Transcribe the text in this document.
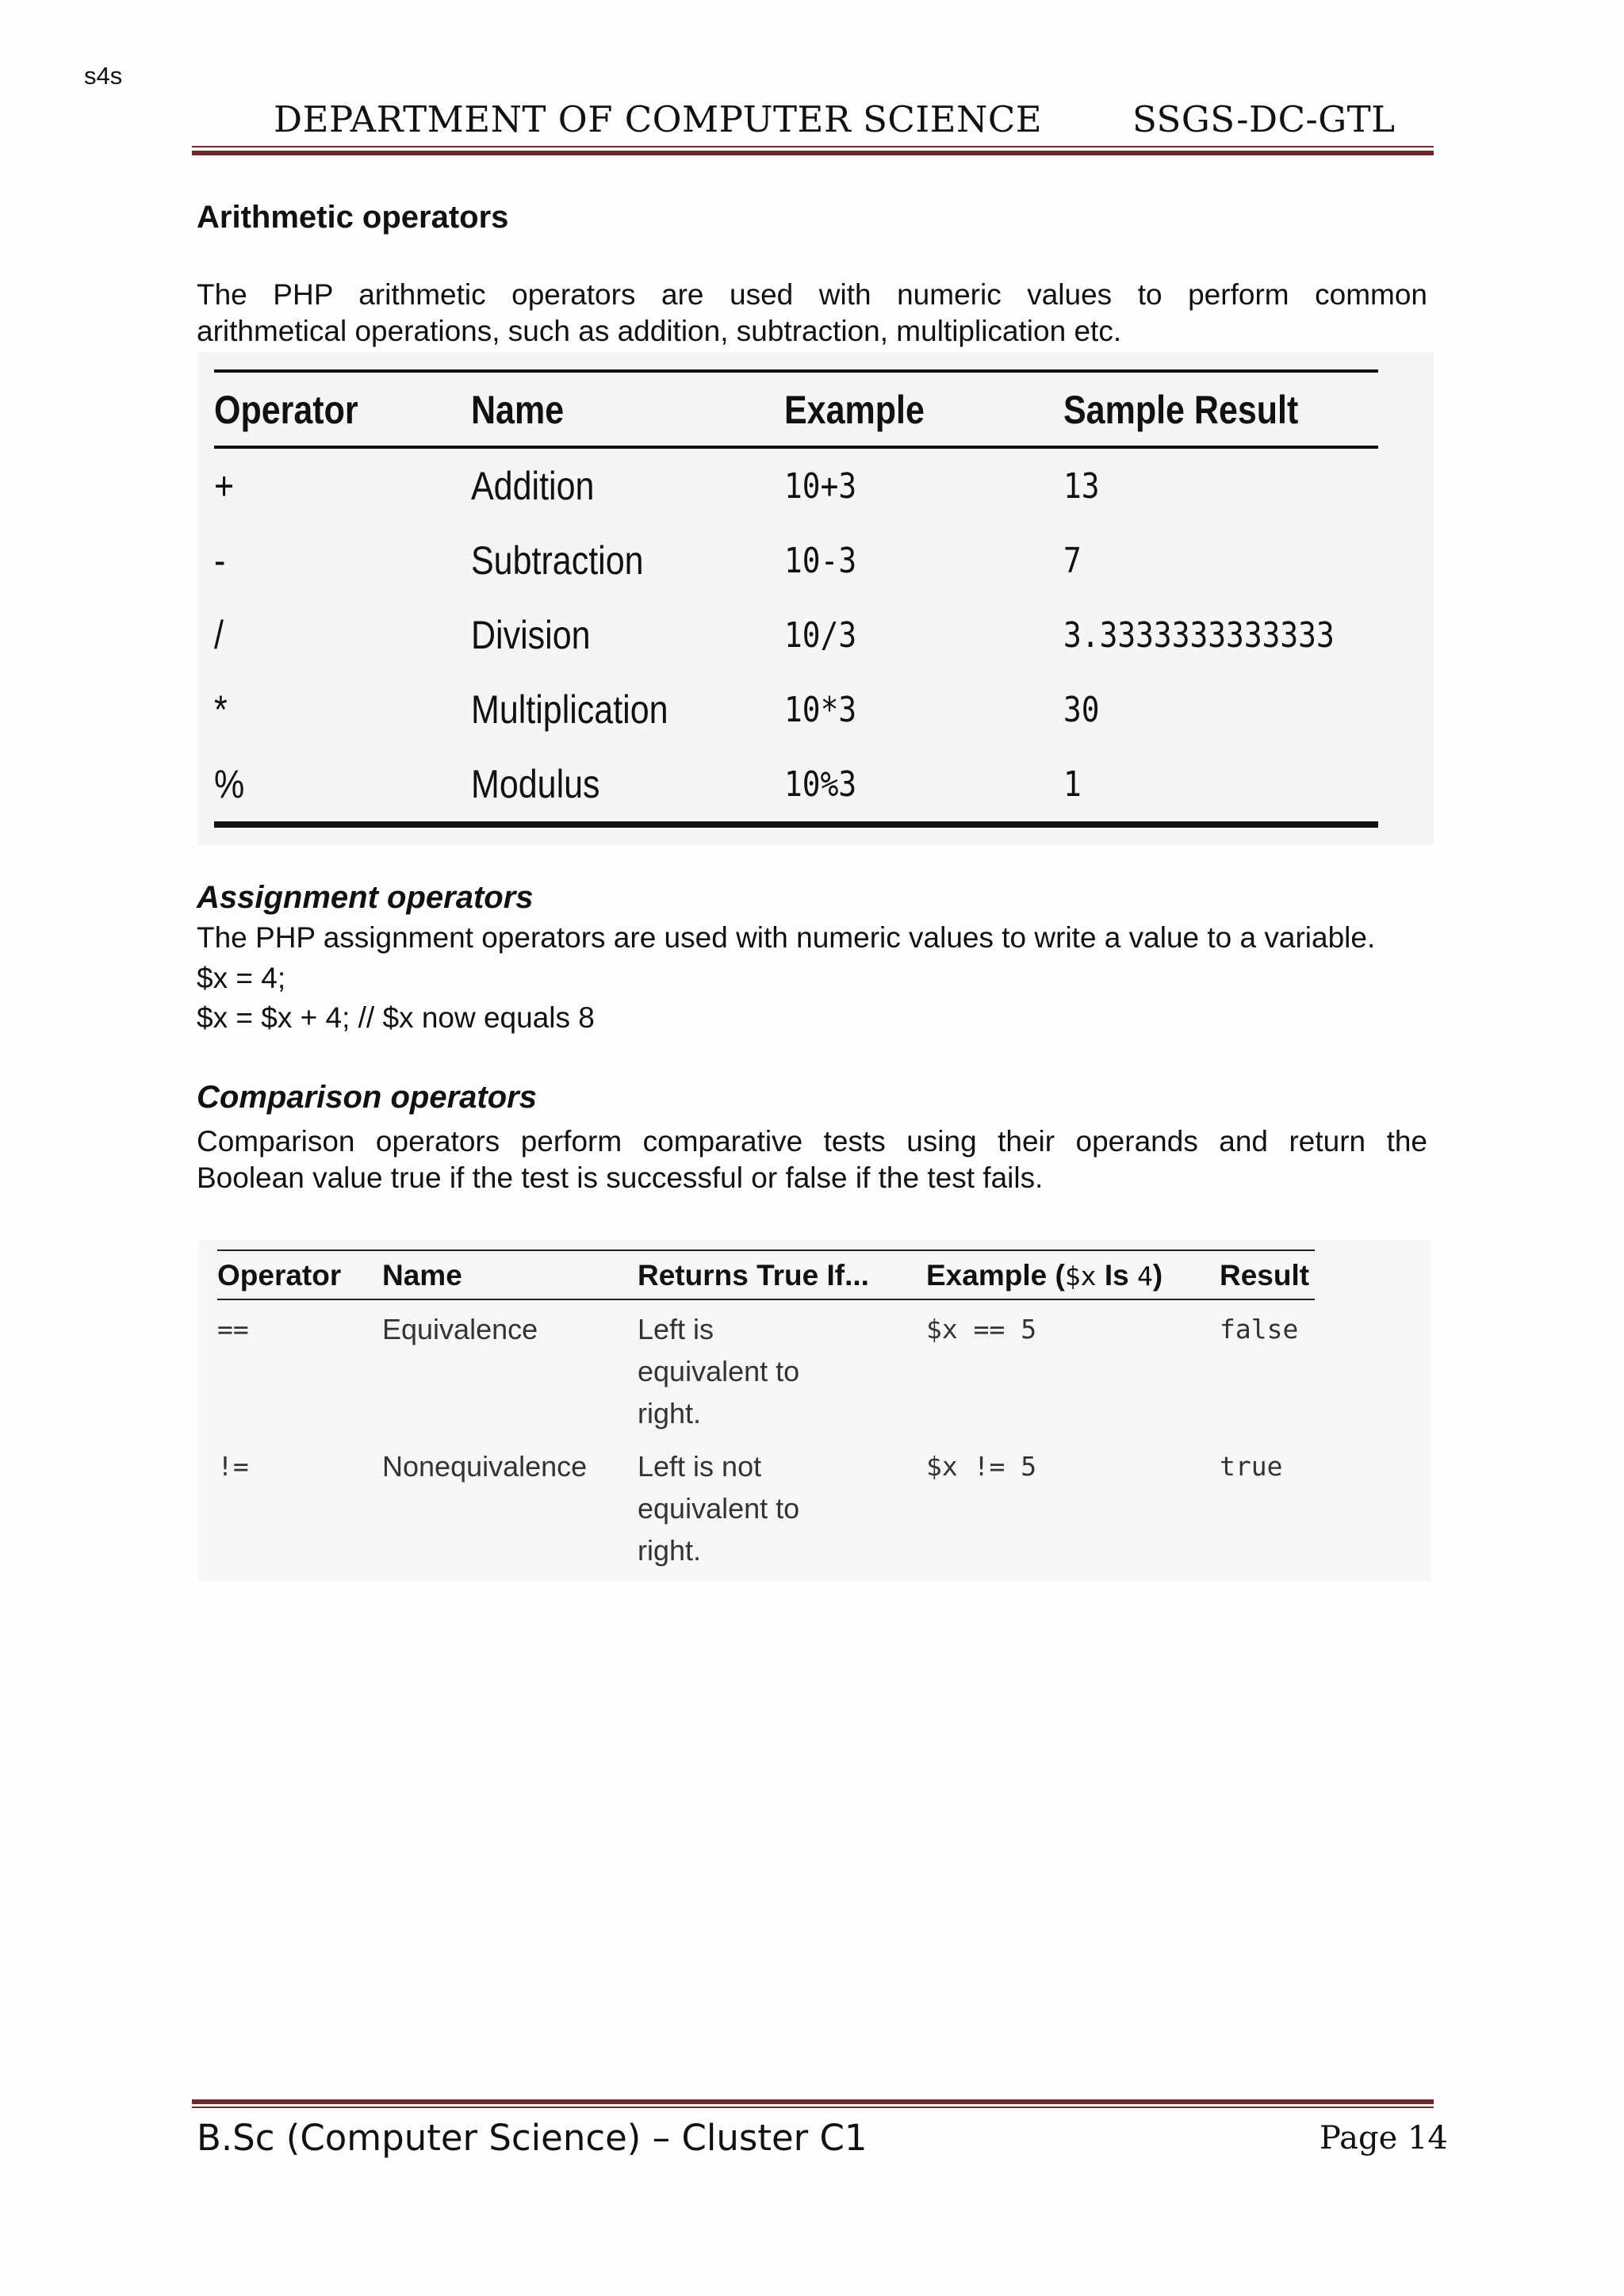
s4s
DEPARTMENT OF COMPUTER SCIENCE	SSGS-DC-GTL
Arithmetic operators
The PHP arithmetic operators are used with numeric values to perform common
arithmetical operations, such as addition, subtraction, multiplication etc.
Operator	Name	Example	Sample Result
+	Addition	10+3	13
-	Subtraction	10-3	7
/	Division	10/3	3.3333333333333
*	Multiplication	10*3	30
%	Modulus	10%3	1
Assignment operators
The PHP assignment operators are used with numeric values to write a value to a variable.
$x = 4;
$x = $x + 4; // $x now equals 8
Comparison operators
Comparison operators perform comparative tests using their operands and return the
Boolean value true if the test is successful or false if the test fails.
Operator	Name	Returns True If...	Example ($x Is 4)	Result
==	Equivalence	Left is
equivalent to
right.	$x == 5	false
!=	Nonequivalence	Left is not
equivalent to
right.	$x != 5	true
B.Sc (Computer Science) – Cluster C1	Page 14
